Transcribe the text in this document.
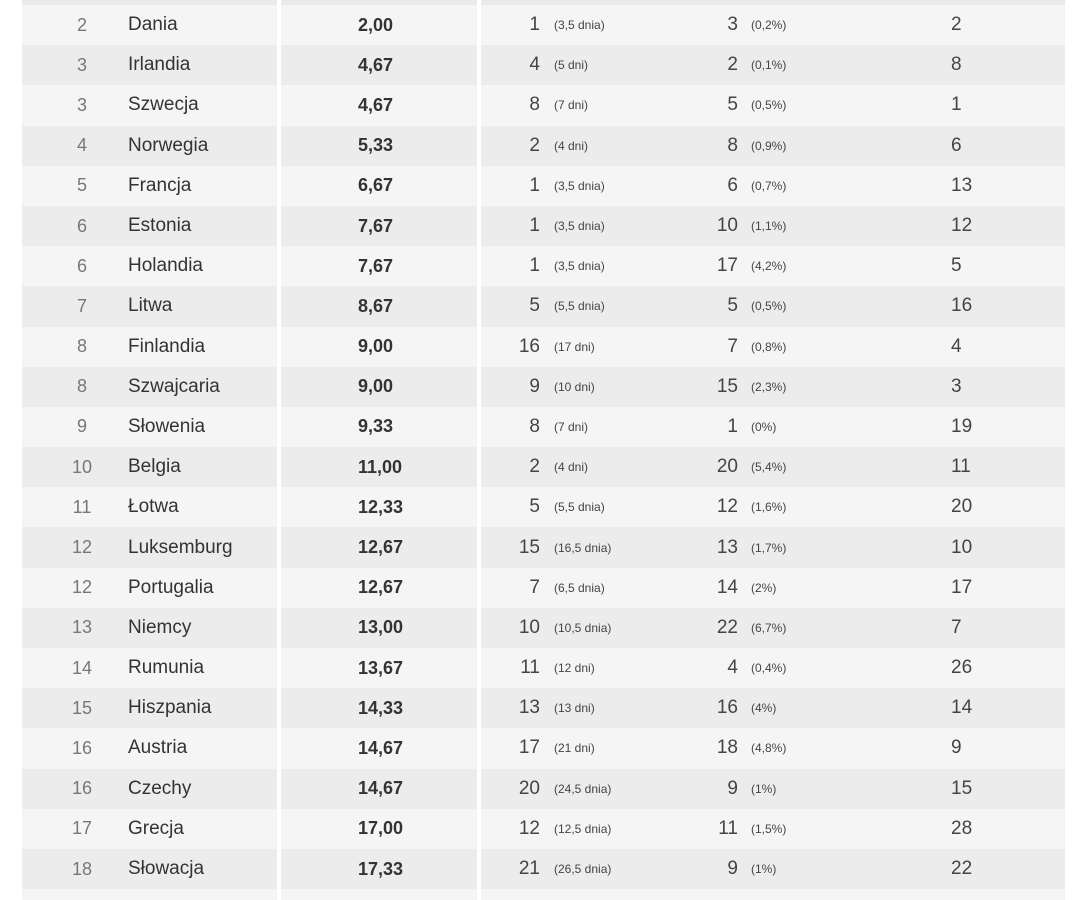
2	Dania	2,00	1 (3,5 dnia)	3 (0,2%)	2
3	Irlandia	4,67	4 (5 dni)	2 (0,1%)	8
3	Szwecja	4,67	8 (7 dni)	5 (0,5%)	1
4	Norwegia	5,33	2 (4 dni)	8 (0,9%)	6
5	Francja	6,67	1 (3,5 dnia)	6 (0,7%)	13
6	Estonia	7,67	1 (3,5 dnia)	10 (1,1%)	12
6	Holandia	7,67	1 (3,5 dnia)	17 (4,2%)	5
7	Litwa	8,67	5 (5,5 dnia)	5 (0,5%)	16
8	Finlandia	9,00	16 (17 dni)	7 (0,8%)	4
8	Szwajcaria	9,00	9 (10 dni)	15 (2,3%)	3
9	Słowenia	9,33	8 (7 dni)	1 (0%)	19
10	Belgia	11,00	2 (4 dni)	20 (5,4%)	11
11	Łotwa	12,33	5 (5,5 dnia)	12 (1,6%)	20
12	Luksemburg	12,67	15 (16,5 dnia)	13 (1,7%)	10
12	Portugalia	12,67	7 (6,5 dnia)	14 (2%)	17
13	Niemcy	13,00	10 (10,5 dnia)	22 (6,7%)	7
14	Rumunia	13,67	11 (12 dni)	4 (0,4%)	26
15	Hiszpania	14,33	13 (13 dni)	16 (4%)	14
16	Austria	14,67	17 (21 dni)	18 (4,8%)	9
16	Czechy	14,67	20 (24,5 dnia)	9 (1%)	15
17	Grecja	17,00	12 (12,5 dnia)	11 (1,5%)	28
18	Słowacja	17,33	21 (26,5 dnia)	9 (1%)	22
